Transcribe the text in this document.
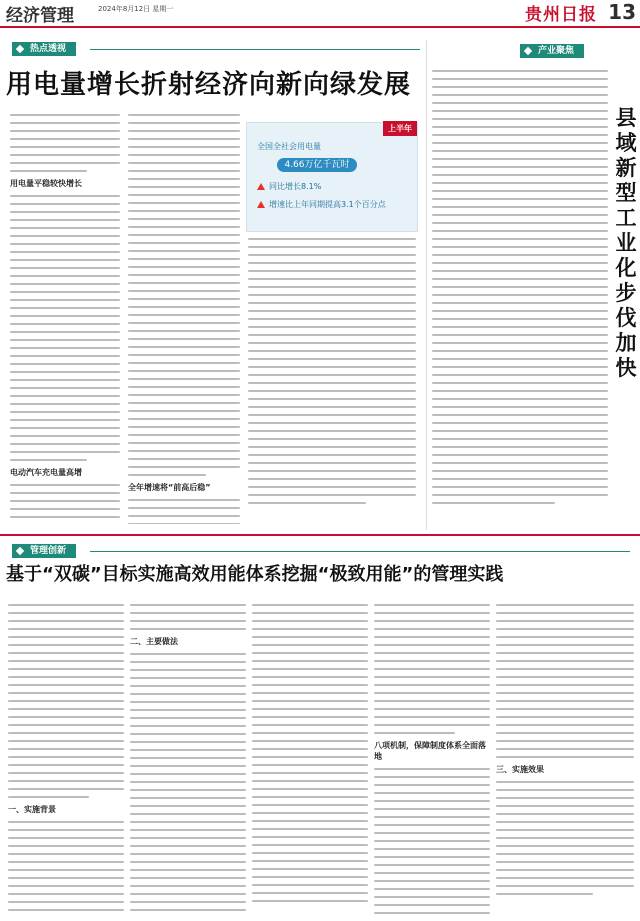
经济管理	2024年8月12日 星期一	贵州日报 13
热点透视
用电量增长折射经济向新向绿发展
用电量平稳较快增长
电动汽车充电量高增
全年增速将“前高后稳”
上半年
全国全社会用电量
4.66万亿千瓦时
同比增长8.1%
增速比上年同期提高3.1个百分点
产业聚焦
县域新型工业化步伐加快
管理创新
基于“双碳”目标实施高效用能体系挖掘“极致用能”的管理实践
一、实施背景
二、主要做法
八项机制，保障制度体系全面落地
三、实施效果
